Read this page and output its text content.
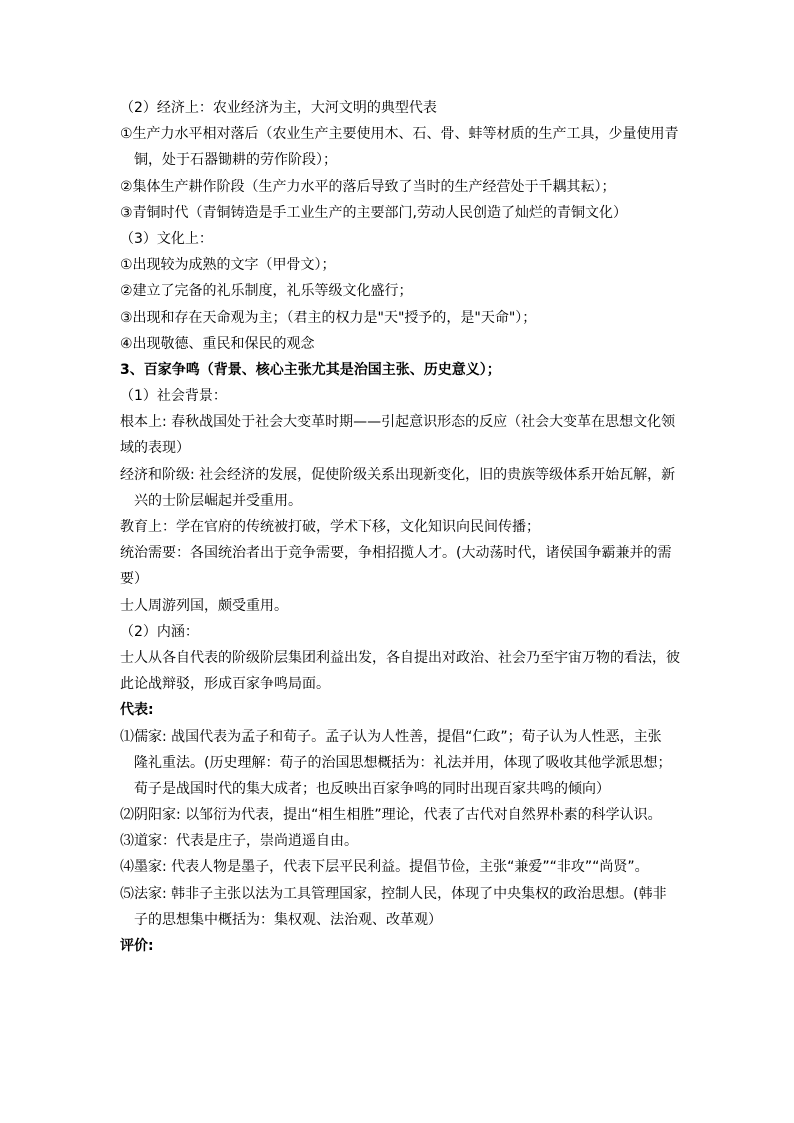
（2）经济上：农业经济为主，大河文明的典型代表
①生产力水平相对落后（农业生产主要使用木、石、骨、蚌等材质的生产工具，少量使用青
铜，处于石器锄耕的劳作阶段）；
②集体生产耕作阶段（生产力水平的落后导致了当时的生产经营处于千耦其耘）；
③青铜时代（青铜铸造是手工业生产的主要部门,劳动人民创造了灿烂的青铜文化）
（3）文化上：
①出现较为成熟的文字（甲骨文）；
②建立了完备的礼乐制度，礼乐等级文化盛行；
③出现和存在天命观为主；（君主的权力是"天"授予的，是"天命"）；
④出现敬德、重民和保民的观念
3、百家争鸣（背景、核心主张尤其是治国主张、历史意义）；
（1）社会背景：
根本上: 春秋战国处于社会大变革时期——引起意识形态的反应（社会大变革在思想文化领
域的表现）
经济和阶级: 社会经济的发展，促使阶级关系出现新变化，旧的贵族等级体系开始瓦解，新
兴的士阶层崛起并受重用。
教育上：学在官府的传统被打破，学术下移，文化知识向民间传播；
统治需要：各国统治者出于竞争需要，争相招揽人才。(大动荡时代，诸侯国争霸兼并的需
要）
士人周游列国，颇受重用。
（2）内涵：
士人从各自代表的阶级阶层集团利益出发，各自提出对政治、社会乃至宇宙万物的看法，彼
此论战辩驳，形成百家争鸣局面。
代表:
⑴儒家: 战国代表为孟子和荀子。孟子认为人性善，提倡“仁政”；荀子认为人性恶，主张
隆礼重法。(历史理解：荀子的治国思想概括为：礼法并用，体现了吸收其他学派思想；
荀子是战国时代的集大成者；也反映出百家争鸣的同时出现百家共鸣的倾向）
⑵阴阳家: 以邹衍为代表，提出“相生相胜”理论，代表了古代对自然界朴素的科学认识。
⑶道家：代表是庄子，崇尚逍遥自由。
⑷墨家: 代表人物是墨子，代表下层平民利益。提倡节俭，主张“兼爱”“非攻”“尚贤”。
⑸法家: 韩非子主张以法为工具管理国家，控制人民，体现了中央集权的政治思想。(韩非
子的思想集中概括为：集权观、法治观、改革观）
评价:
